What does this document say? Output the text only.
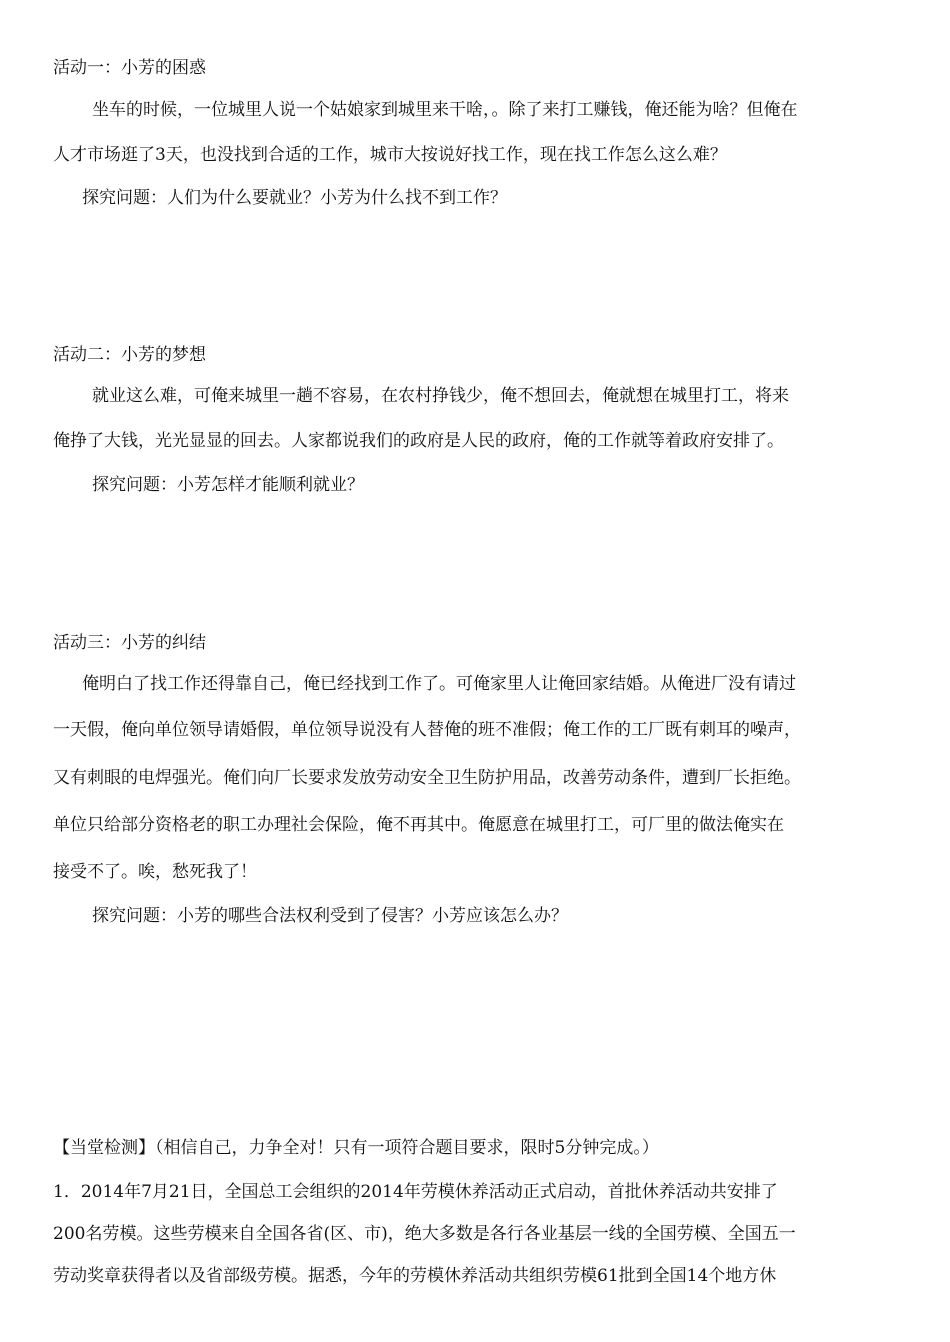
活动一：小芳的困惑
坐车的时候，一位城里人说一个姑娘家到城里来干啥，。除了来打工赚钱，俺还能为啥？但俺在
人才市场逛了3天，也没找到合适的工作，城市大按说好找工作，现在找工作怎么这么难？
探究问题：人们为什么要就业？小芳为什么找不到工作？
活动二：小芳的梦想
就业这么难，可俺来城里一趟不容易，在农村挣钱少，俺不想回去，俺就想在城里打工，将来
俺挣了大钱，光光显显的回去。人家都说我们的政府是人民的政府，俺的工作就等着政府安排了。
探究问题：小芳怎样才能顺利就业？
活动三：小芳的纠结
俺明白了找工作还得靠自己，俺已经找到工作了。可俺家里人让俺回家结婚。从俺进厂没有请过
一天假，俺向单位领导请婚假，单位领导说没有人替俺的班不准假；俺工作的工厂既有刺耳的噪声，
又有刺眼的电焊强光。俺们向厂长要求发放劳动安全卫生防护用品，改善劳动条件，遭到厂长拒绝。
单位只给部分资格老的职工办理社会保险，俺不再其中。俺愿意在城里打工，可厂里的做法俺实在
接受不了。唉，愁死我了！
探究问题：小芳的哪些合法权利受到了侵害？小芳应该怎么办？
【当堂检测】（相信自己，力争全对！只有一项符合题目要求，限时5分钟完成。）
1．2014年7月21日，全国总工会组织的2014年劳模休养活动正式启动，首批休养活动共安排了
200名劳模。这些劳模来自全国各省(区、市)，绝大多数是各行各业基层一线的全国劳模、全国五一
劳动奖章获得者以及省部级劳模。据悉，今年的劳模休养活动共组织劳模61批到全国14个地方休
